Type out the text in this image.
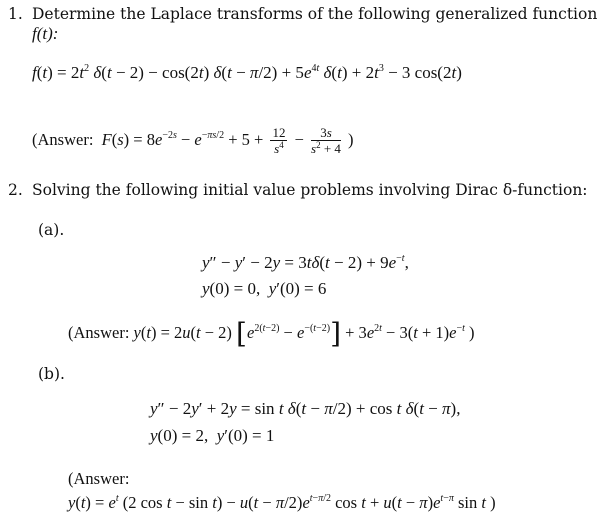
1. Determine the Laplace transforms of the following generalized function
f(t):
$f(t) = 2t^2$ δ(t − 2) − cos(2t) $\delta(t - \pi/2) + 5e^{4t}$ $\delta(t) + 2t^3 - 3$ cos(2t)
(Answer:  $F(s) = 8e^{-2s} - e^{-\pi s/2} + 5 + \frac{12}{s^4} - \frac{3s}{s^2 + 4}$ )
2. Solving the following initial value problems involving Dirac δ-function:
(a).
$y'' - y' - 2y = 3t\delta(t - 2) + 9e^{-t}$,
y(0) = 0,  y′(0) = 6
(Answer: y(t) = 2u(t − 2) $[e^{2(t-2)} - e^{-(t-2)}] + 3e^{2t} - 3(t + 1)e^{-t}$ )
(b).
y″ − 2y′ + 2y = sin t δ(t − π/2) + cos t δ(t − π),
y(0) = 2,  y′(0) = 1
(Answer:
$y(t) = e^t$ (2 $\cos t - \sin t) - u(t - \pi/2)e^{t-\pi/2}$ $\cos t + u(t - \pi)e^{t-\pi}$ sin t )
